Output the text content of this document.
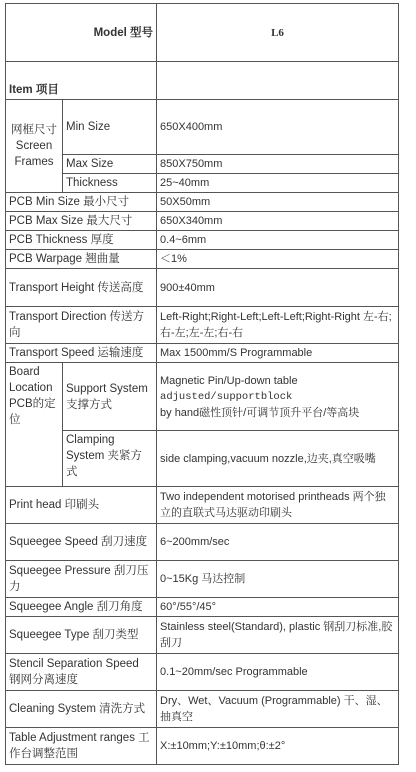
Model 型号		L6
Item 项目		
网框尺寸 Screen Frames	Min Size	650X400mm
	Max Size	850X750mm
	Thickness	25~40mm
PCB Min Size 最小尺寸		50X50mm
PCB Max Size 最大尺寸		650X340mm
PCB Thickness 厚度		0.4~6mm
PCB Warpage 翘曲量		＜1%
Transport Height 传送高度		900±40mm
Transport Direction 传送方向		Left-Right;Right-Left;Left-Left;Right-Right 左-右;右-左;左-左;右-右
Transport Speed 运输速度		Max 1500mm/S Programmable
Board Location PCB的定位	Support System 支撑方式	Magnetic Pin/Up-down table
adjusted/supportblock
by hand磁性顶针/可调节顶升平台/等高块

	Clamping System 夹紧方式	side clamping,vacuum nozzle,边夹,真空吸嘴
Print head 印刷头		Two independent motorised printheads 两个独立的直联式马达驱动印刷头
Squeegee Speed 刮刀速度		6~200mm/sec
Squeegee Pressure 刮刀压力		0~15Kg 马达控制
Squeegee Angle 刮刀角度		60°/55°/45°
Squeegee Type 刮刀类型		Stainless steel(Standard), plastic 钢刮刀标准,胶刮刀
Stencil Separation Speed 钢网分离速度		0.1~20mm/sec Programmable
Cleaning System 清洗方式		Dry、Wet、Vacuum (Programmable) 干、湿、抽真空
Table Adjustment ranges 工作台调整范围		X:±10mm;Y:±10mm;θ:±2°
